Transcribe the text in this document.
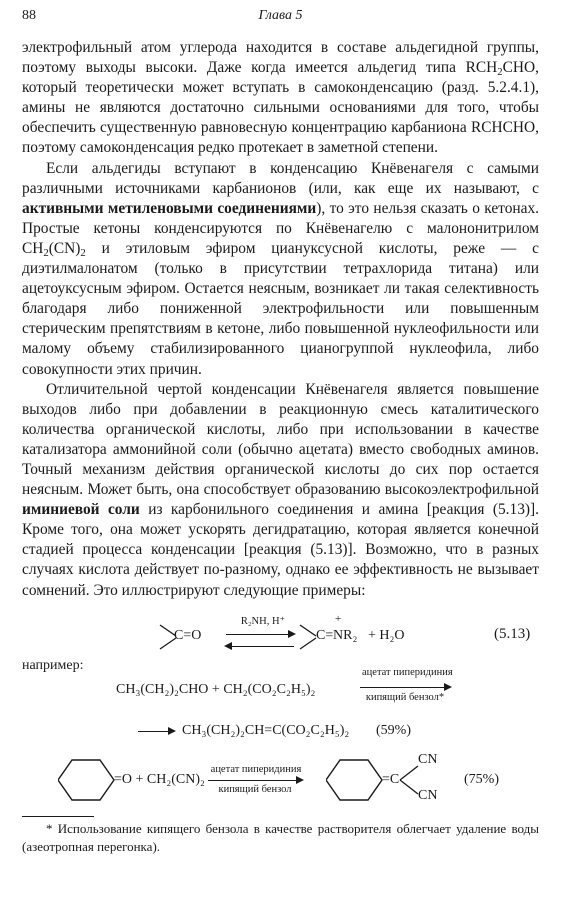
88	Глава 5

электрофильный атом углерода находится в составе альдегидной группы, поэтому выходы высоки. Даже когда имеется альдегид типа $RCH_2CHO$, который теоретически может вступать в самоконденсацию (разд. 5.2.4.1), амины не являются достаточно сильными основаниями для того, чтобы обеспечить существенную равновесную концентрацию карбаниона RCHCHO, поэтому самоконденсация редко протекает в заметной степени.

Если альдегиды вступают в конденсацию Кнёвенагеля с самыми различными источниками карбанионов (или, как еще их называют, с активными метиленовыми соединениями), то это нельзя сказать о кетонах. Простые кетоны конденсируются по Кнёвенагелю с малононитрилом $CH_2(CN)_2$ и этиловым эфиром циануксусной кислоты, реже — с диэтилмалонатом (только в присутствии тетрахлорида титана) или ацетоуксусным эфиром. Остается неясным, возникает ли такая селективность благодаря либо пониженной электрофильности или повышенным стерическим препятствиям в кетоне, либо повышенной нуклеофильности или малому объему стабилизированного цианогруппой нуклеофила, либо совокупности этих причин.

Отличительной чертой конденсации Кнёвенагеля является повышение выходов либо при добавлении в реакционную смесь каталитического количества органической кислоты, либо при использовании в качестве катализатора аммонийной соли (обычно ацетата) вместо свободных аминов. Точный механизм действия органической кислоты до сих пор остается неясным. Может быть, она способствует образованию высокоэлектрофильной иминиевой соли из карбонильного соединения и амина [реакция (5.13)]. Кроме того, она может ускорять дегидратацию, которая является конечной стадией процесса конденсации [реакция (5.13)]. Возможно, что в разных случаях кислота действует по-разному, однако ее эффективность не вызывает сомнений. Это иллюстрируют следующие примеры:

C=O
R₂NH, H⁺
C=
+
NR₂ + H₂O	(5.13)
например:
CH₃(CH₂)₂CHO + CH₂(CO₂C₂H₅)₂
ацетат пиперидиния
кипящий бензол*
CH₃(CH₂)₂CH=C(CO₂C₂H₅)₂ (59%)
=O + CH₂(CN)₂
ацетат пиперидиния
кипящий бензол
=C
CN
CN
(75%)
* Использование кипящего бензола в качестве растворителя облегчает удаление воды (азеотропная перегонка).
